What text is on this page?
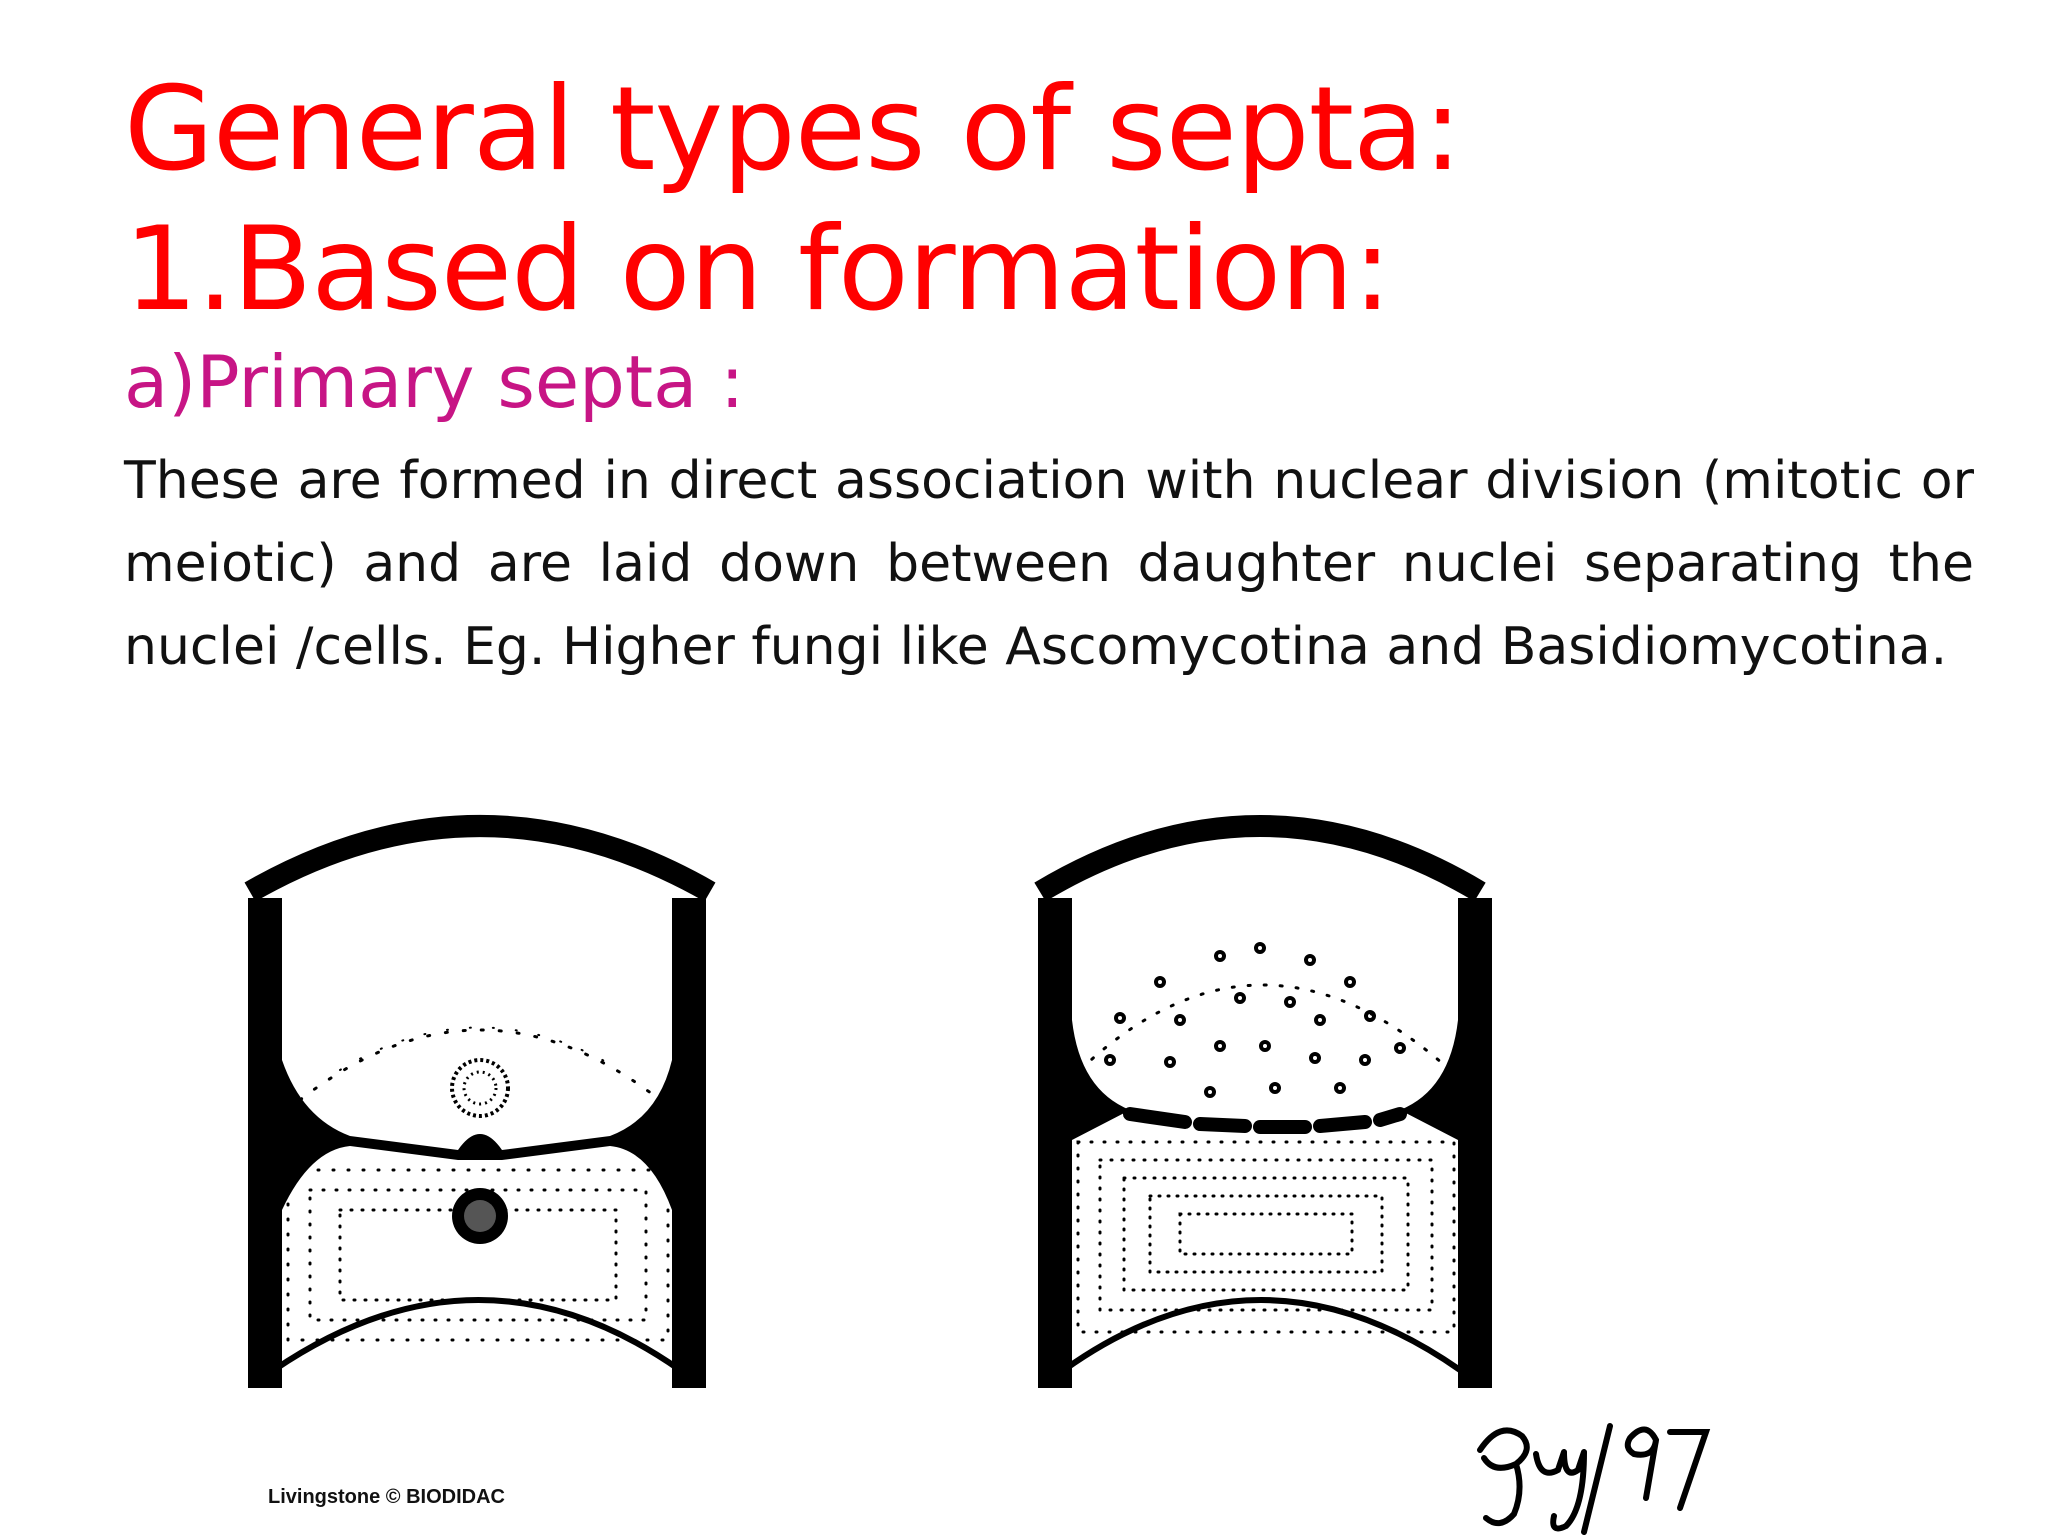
General types of septa:
1.Based on formation:
a)Primary septa :

These are formed in direct association with nuclear division (mitotic or meiotic) and are laid down between daughter nuclei separating the nuclei /cells. Eg. Higher fungi like Ascomycotina and Basidiomycotina.

Livingstone © BIODIDAC
